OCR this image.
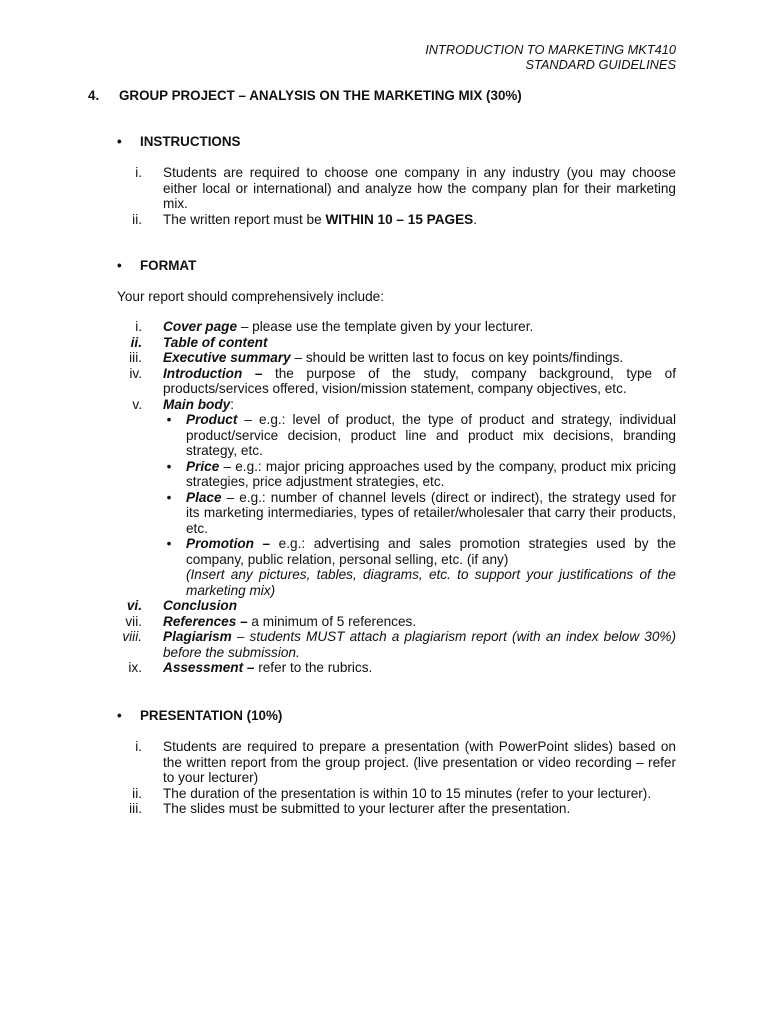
INTRODUCTION TO MARKETING MKT410
STANDARD GUIDELINES
4. GROUP PROJECT – ANALYSIS ON THE MARKETING MIX (30%)
• INSTRUCTIONS
i. Students are required to choose one company in any industry (you may choose either local or international) and analyze how the company plan for their marketing mix.
ii. The written report must be WITHIN 10 – 15 PAGES.
• FORMAT
Your report should comprehensively include:
i. Cover page – please use the template given by your lecturer.
ii. Table of content
iii. Executive summary – should be written last to focus on key points/findings.
iv. Introduction – the purpose of the study, company background, type of products/services offered, vision/mission statement, company objectives, etc.
v. Main body:
• Product – e.g.: level of product, the type of product and strategy, individual product/service decision, product line and product mix decisions, branding strategy, etc.
• Price – e.g.: major pricing approaches used by the company, product mix pricing strategies, price adjustment strategies, etc.
• Place – e.g.: number of channel levels (direct or indirect), the strategy used for its marketing intermediaries, types of retailer/wholesaler that carry their products, etc.
• Promotion – e.g.: advertising and sales promotion strategies used by the company, public relation, personal selling, etc. (if any)
(Insert any pictures, tables, diagrams, etc. to support your justifications of the marketing mix)
vi. Conclusion
vii. References – a minimum of 5 references.
viii. Plagiarism – students MUST attach a plagiarism report (with an index below 30%) before the submission.
ix. Assessment – refer to the rubrics.
• PRESENTATION (10%)
i. Students are required to prepare a presentation (with PowerPoint slides) based on the written report from the group project. (live presentation or video recording – refer to your lecturer)
ii. The duration of the presentation is within 10 to 15 minutes (refer to your lecturer).
iii. The slides must be submitted to your lecturer after the presentation.
